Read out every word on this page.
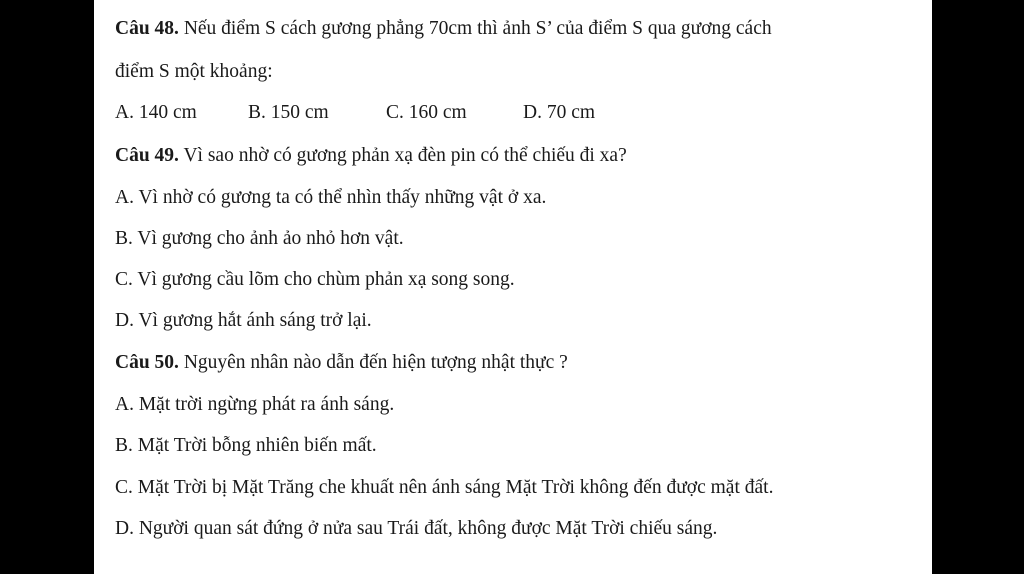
Câu 48. Nếu điểm S cách gương phẳng 70cm thì ảnh S’ của điểm S qua gương cách
điểm S một khoảng:
A. 140 cm	B. 150 cm	C. 160 cm	D. 70 cm
Câu 49. Vì sao nhờ có gương phản xạ đèn pin có thể chiếu đi xa?
A. Vì nhờ có gương ta có thể nhìn thấy những vật ở xa.
B. Vì gương cho ảnh ảo nhỏ hơn vật.
C. Vì gương cầu lõm cho chùm phản xạ song song.
D. Vì gương hắt ánh sáng trở lại.
Câu 50. Nguyên nhân nào dẫn đến hiện tượng nhật thực ?
A. Mặt trời ngừng phát ra ánh sáng.
B. Mặt Trời bỗng nhiên biến mất.
C. Mặt Trời bị Mặt Trăng che khuất nên ánh sáng Mặt Trời không đến được mặt đất.
D. Người quan sát đứng ở nửa sau Trái đất, không được Mặt Trời chiếu sáng.
